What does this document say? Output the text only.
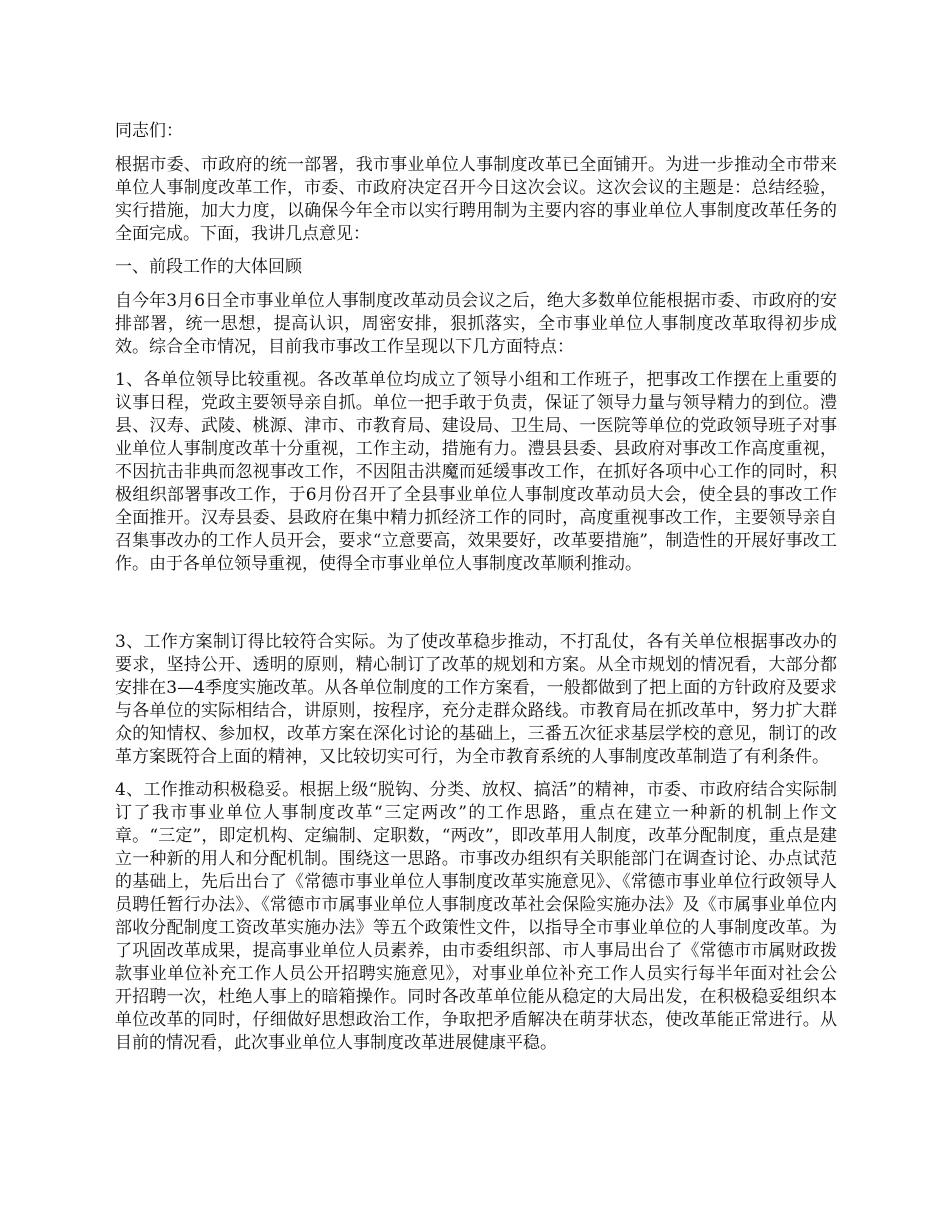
同志们：

根据市委、市政府的统一部署，我市事业单位人事制度改革已全面铺开。为进一步推动全市带来单位人事制度改革工作，市委、市政府决定召开今日这次会议。这次会议的主题是：总结经验，实行措施，加大力度，以确保今年全市以实行聘用制为主要内容的事业单位人事制度改革任务的全面完成。下面，我讲几点意见：

一、前段工作的大体回顾

自今年3月6日全市事业单位人事制度改革动员会议之后，绝大多数单位能根据市委、市政府的安排部署，统一思想，提高认识，周密安排，狠抓落实，全市事业单位人事制度改革取得初步成效。综合全市情况，目前我市事改工作呈现以下几方面特点：

1、各单位领导比较重视。各改革单位均成立了领导小组和工作班子，把事改工作摆在上重要的议事日程，党政主要领导亲自抓。单位一把手敢于负责，保证了领导力量与领导精力的到位。澧县、汉寿、武陵、桃源、津市、市教育局、建设局、卫生局、一医院等单位的党政领导班子对事业单位人事制度改革十分重视，工作主动，措施有力。澧县县委、县政府对事改工作高度重视，不因抗击非典而忽视事改工作，不因阻击洪魔而延缓事改工作，在抓好各项中心工作的同时，积极组织部署事改工作，于6月份召开了全县事业单位人事制度改革动员大会，使全县的事改工作全面推开。汉寿县委、县政府在集中精力抓经济工作的同时，高度重视事改工作，主要领导亲自召集事改办的工作人员开会，要求“立意要高，效果要好，改革要措施”，制造性的开展好事改工作。由于各单位领导重视，使得全市事业单位人事制度改革顺利推动。

3、工作方案制订得比较符合实际。为了使改革稳步推动，不打乱仗，各有关单位根据事改办的要求，坚持公开、透明的原则，精心制订了改革的规划和方案。从全市规划的情况看，大部分都安排在3—4季度实施改革。从各单位制度的工作方案看，一般都做到了把上面的方针政府及要求与各单位的实际相结合，讲原则，按程序，充分走群众路线。市教育局在抓改革中，努力扩大群众的知情权、参加权，改革方案在深化讨论的基础上，三番五次征求基层学校的意见，制订的改革方案既符合上面的精神，又比较切实可行，为全市教育系统的人事制度改革制造了有利条件。

4、工作推动积极稳妥。根据上级“脱钩、分类、放权、搞活”的精神，市委、市政府结合实际制订了我市事业单位人事制度改革“三定两改”的工作思路，重点在建立一种新的机制上作文章。“三定”，即定机构、定编制、定职数，“两改”，即改革用人制度，改革分配制度，重点是建立一种新的用人和分配机制。围绕这一思路。市事改办组织有关职能部门在调查讨论、办点试范的基础上，先后出台了《常德市事业单位人事制度改革实施意见》、《常德市事业单位行政领导人员聘任暂行办法》、《常德市市属事业单位人事制度改革社会保险实施办法》及《市属事业单位内部收分配制度工资改革实施办法》等五个政策性文件，以指导全市事业单位的人事制度改革。为了巩固改革成果，提高事业单位人员素养，由市委组织部、市人事局出台了《常德市市属财政拨款事业单位补充工作人员公开招聘实施意见》，对事业单位补充工作人员实行每半年面对社会公开招聘一次，杜绝人事上的暗箱操作。同时各改革单位能从稳定的大局出发，在积极稳妥组织本单位改革的同时，仔细做好思想政治工作，争取把矛盾解决在萌芽状态，使改革能正常进行。从目前的情况看，此次事业单位人事制度改革进展健康平稳。
